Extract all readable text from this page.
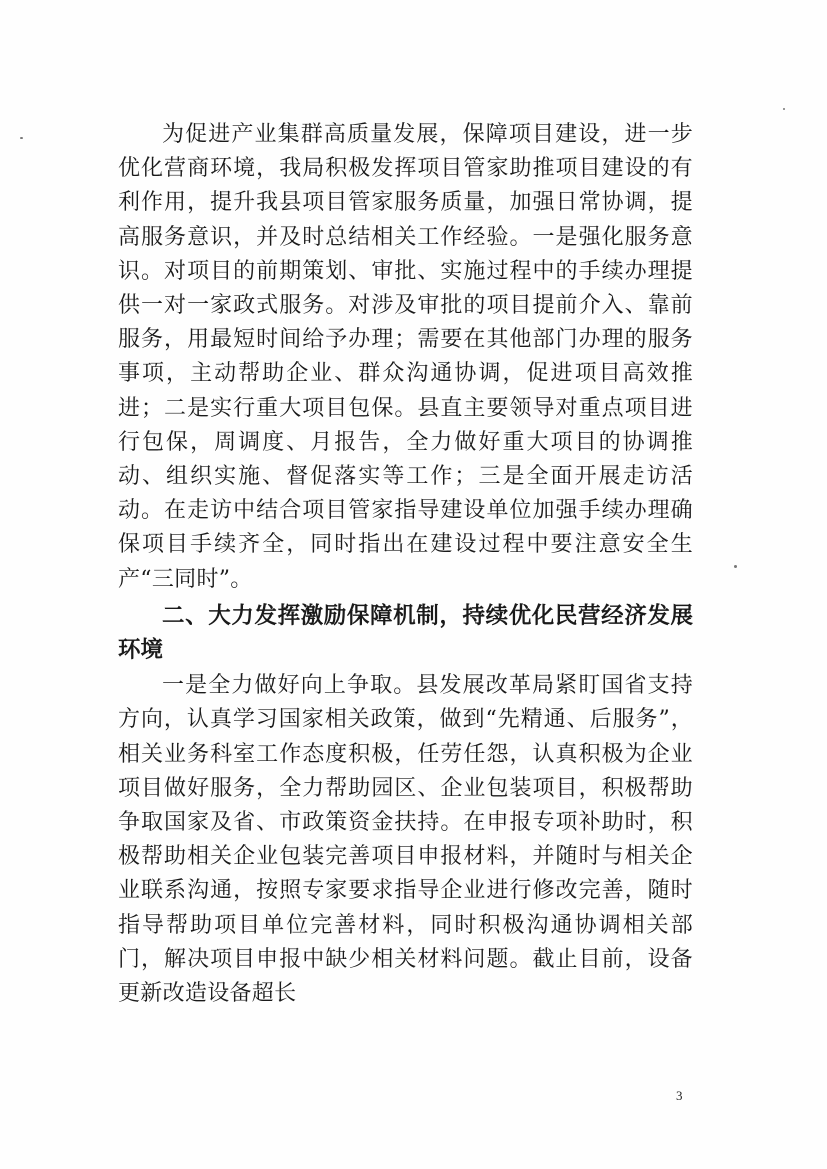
为促进产业集群高质量发展，保障项目建设，进一步优化营商环境，我局积极发挥项目管家助推项目建设的有利作用，提升我县项目管家服务质量，加强日常协调，提高服务意识，并及时总结相关工作经验。一是强化服务意识。对项目的前期策划、审批、实施过程中的手续办理提供一对一家政式服务。对涉及审批的项目提前介入、靠前服务，用最短时间给予办理；需要在其他部门办理的服务事项，主动帮助企业、群众沟通协调，促进项目高效推进；二是实行重大项目包保。县直主要领导对重点项目进行包保，周调度、月报告，全力做好重大项目的协调推动、组织实施、督促落实等工作；三是全面开展走访活动。在走访中结合项目管家指导建设单位加强手续办理确保项目手续齐全，同时指出在建设过程中要注意安全生产“三同时”。

二、大力发挥激励保障机制，持续优化民营经济发展环境

一是全力做好向上争取。县发展改革局紧盯国省支持方向，认真学习国家相关政策，做到“先精通、后服务”，相关业务科室工作态度积极，任劳任怨，认真积极为企业项目做好服务，全力帮助园区、企业包装项目，积极帮助争取国家及省、市政策资金扶持。在申报专项补助时，积极帮助相关企业包装完善项目申报材料，并随时与相关企业联系沟通，按照专家要求指导企业进行修改完善，随时指导帮助项目单位完善材料，同时积极沟通协调相关部门，解决项目申报中缺少相关材料问题。截止目前，设备更新改造设备超长

3
